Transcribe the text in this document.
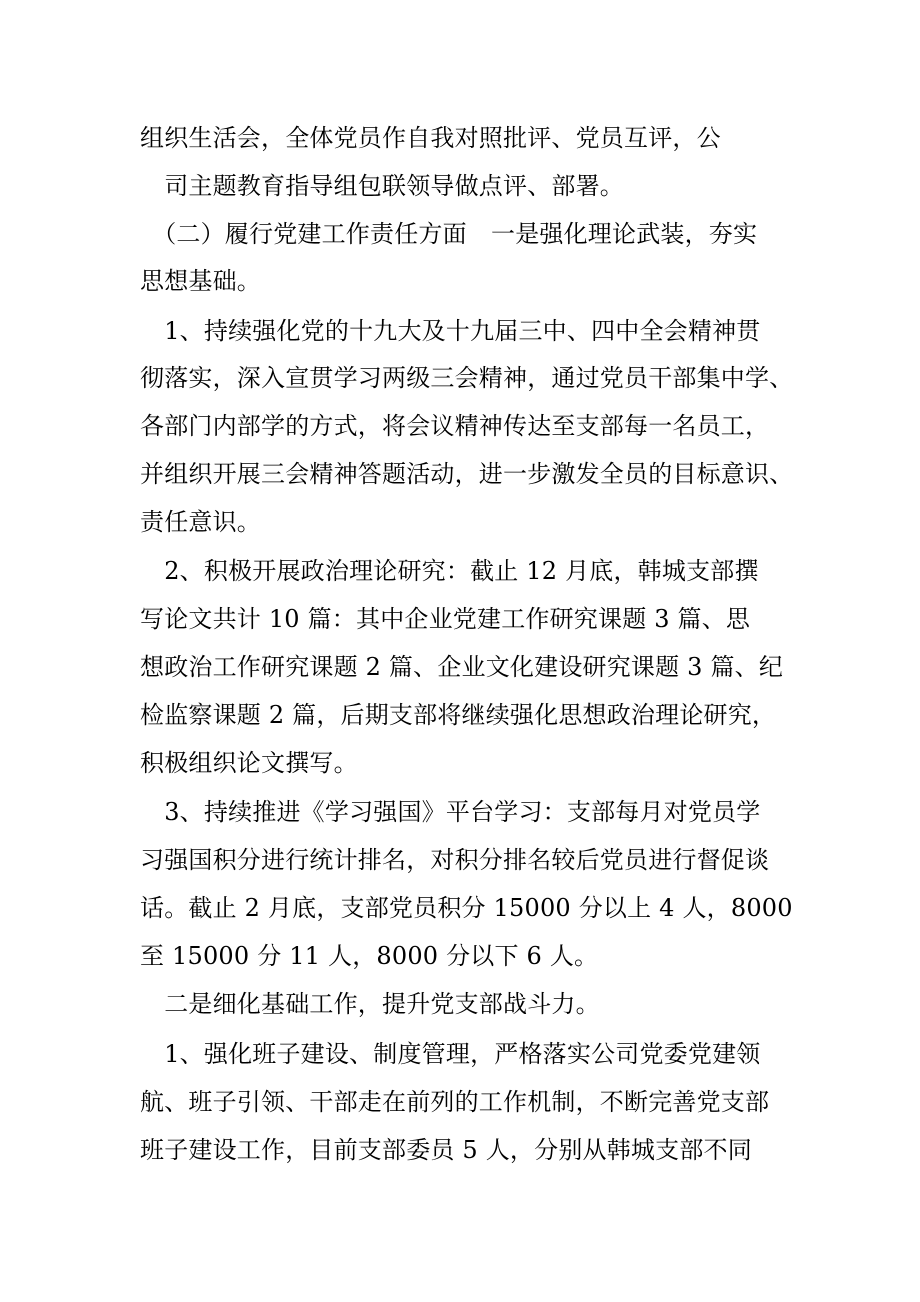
组织生活会，全体党员作自我对照批评、党员互评，公
　司主题教育指导组包联领导做点评、部署。
　（二）履行党建工作责任方面　一是强化理论武装，夯实
思想基础。
　1、持续强化党的十九大及十九届三中、四中全会精神贯
彻落实，深入宣贯学习两级三会精神，通过党员干部集中学、
各部门内部学的方式，将会议精神传达至支部每一名员工，
并组织开展三会精神答题活动，进一步激发全员的目标意识、
责任意识。
　2、积极开展政治理论研究：截止 12 月底，韩城支部撰
写论文共计 10 篇：其中企业党建工作研究课题 3 篇、思
想政治工作研究课题 2 篇、企业文化建设研究课题 3 篇、纪
检监察课题 2 篇，后期支部将继续强化思想政治理论研究，
积极组织论文撰写。
　3、持续推进《学习强国》平台学习：支部每月对党员学
习强国积分进行统计排名，对积分排名较后党员进行督促谈
话。截止 2 月底，支部党员积分 15000 分以上 4 人，8000
至 15000 分 11 人，8000 分以下 6 人。
　二是细化基础工作，提升党支部战斗力。
　1、强化班子建设、制度管理，严格落实公司党委党建领
航、班子引领、干部走在前列的工作机制，不断完善党支部
班子建设工作，目前支部委员 5 人，分别从韩城支部不同
